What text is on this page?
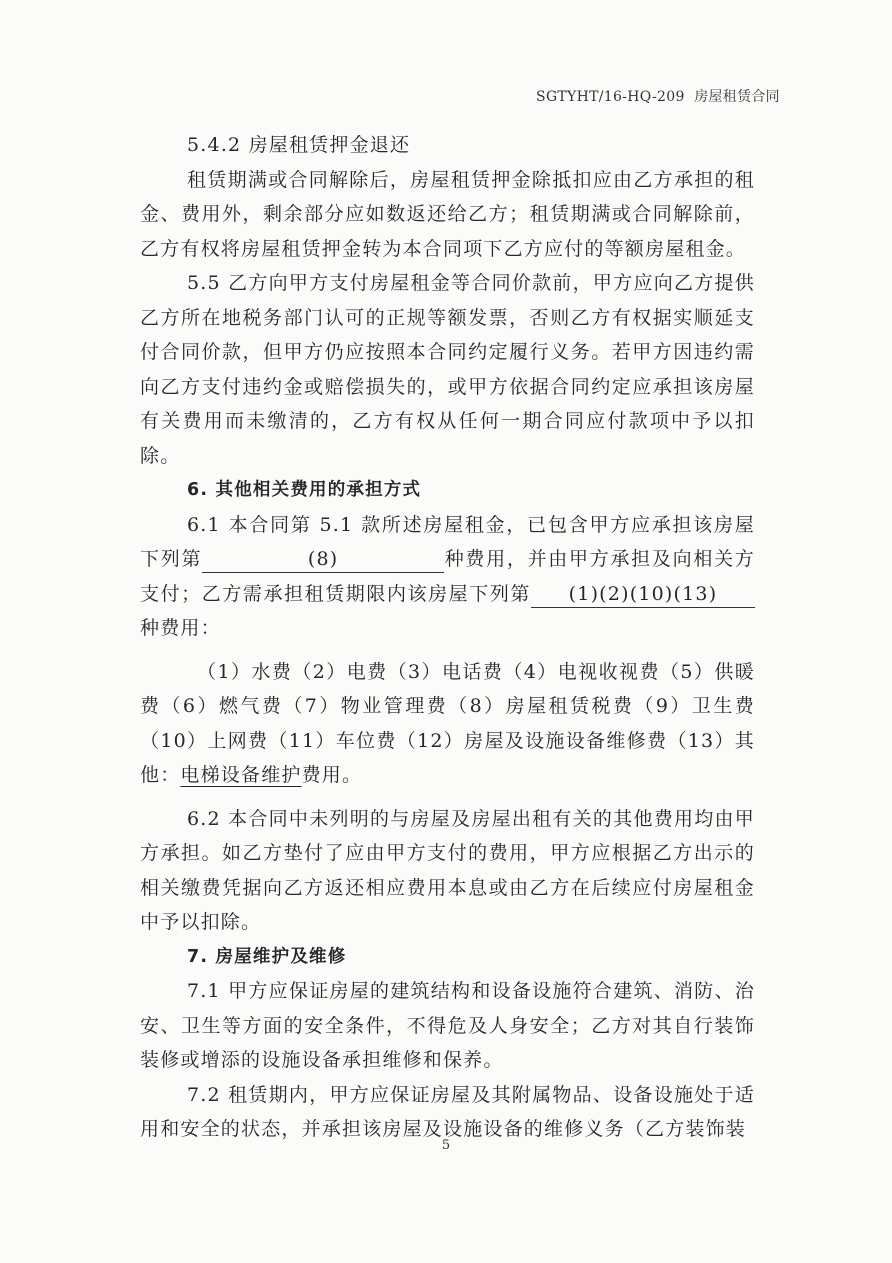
SGTYHT/16-HQ-209 房屋租赁合同

5.4.2 房屋租赁押金退还

租赁期满或合同解除后，房屋租赁押金除抵扣应由乙方承担的租金、费用外，剩余部分应如数返还给乙方；租赁期满或合同解除前，乙方有权将房屋租赁押金转为本合同项下乙方应付的等额房屋租金。

5.5 乙方向甲方支付房屋租金等合同价款前，甲方应向乙方提供乙方所在地税务部门认可的正规等额发票，否则乙方有权据实顺延支付合同价款，但甲方仍应按照本合同约定履行义务。若甲方因违约需向乙方支付违约金或赔偿损失的，或甲方依据合同约定应承担该房屋有关费用而未缴清的，乙方有权从任何一期合同应付款项中予以扣除。

6. 其他相关费用的承担方式

6.1 本合同第 5.1 款所述房屋租金，已包含甲方应承担该房屋下列第	(8)	种费用，并由甲方承担及向相关方支付；乙方需承担租赁期限内该房屋下列第 (1)(2)(10)(13)种费用：

（1）水费（2）电费（3）电话费（4）电视收视费（5）供暖费（6）燃气费（7）物业管理费（8）房屋租赁税费（9）卫生费（10）上网费（11）车位费（12）房屋及设施设备维修费（13）其他：电梯设备维护费用。

6.2 本合同中未列明的与房屋及房屋出租有关的其他费用均由甲方承担。如乙方垫付了应由甲方支付的费用，甲方应根据乙方出示的相关缴费凭据向乙方返还相应费用本息或由乙方在后续应付房屋租金中予以扣除。

7. 房屋维护及维修

7.1 甲方应保证房屋的建筑结构和设备设施符合建筑、消防、治安、卫生等方面的安全条件，不得危及人身安全；乙方对其自行装饰装修或增添的设施设备承担维修和保养。

7.2 租赁期内，甲方应保证房屋及其附属物品、设备设施处于适用和安全的状态，并承担该房屋及设施设备的维修义务（乙方装饰装

5
